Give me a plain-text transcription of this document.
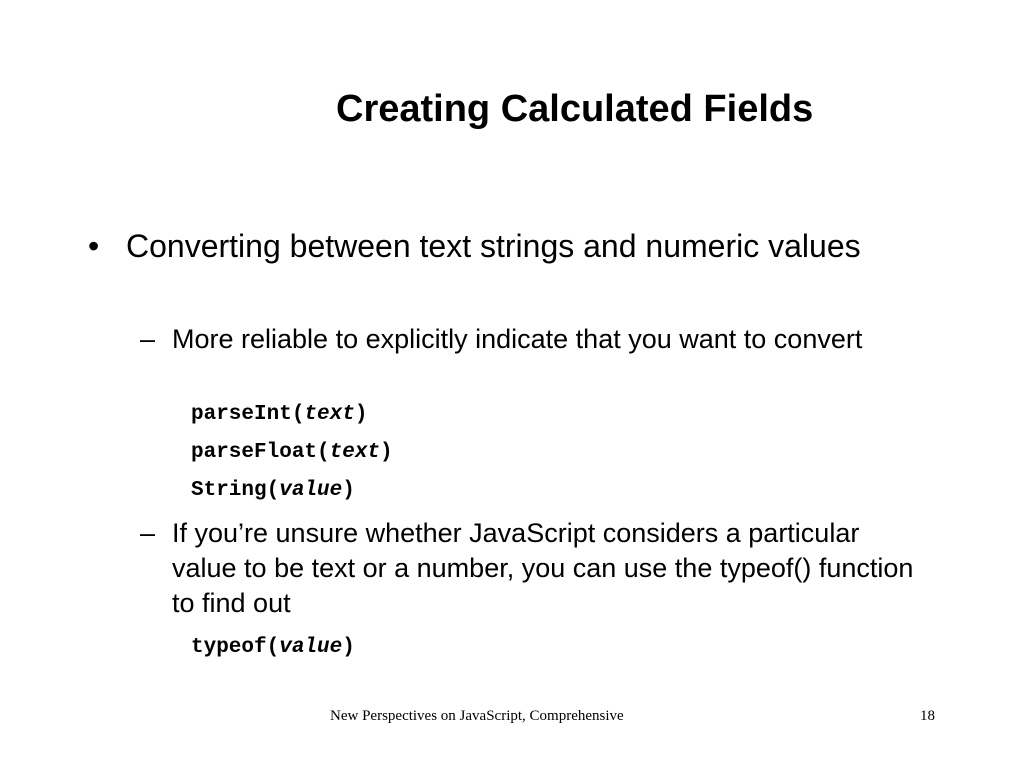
Creating Calculated Fields
• Converting between text strings and numeric values
– More reliable to explicitly indicate that you want to convert
parseInt(text)
parseFloat(text)
String(value)
– If you’re unsure whether JavaScript considers a particular value to be text or a number, you can use the typeof() function to find out
typeof(value)
New Perspectives on JavaScript, Comprehensive	18
